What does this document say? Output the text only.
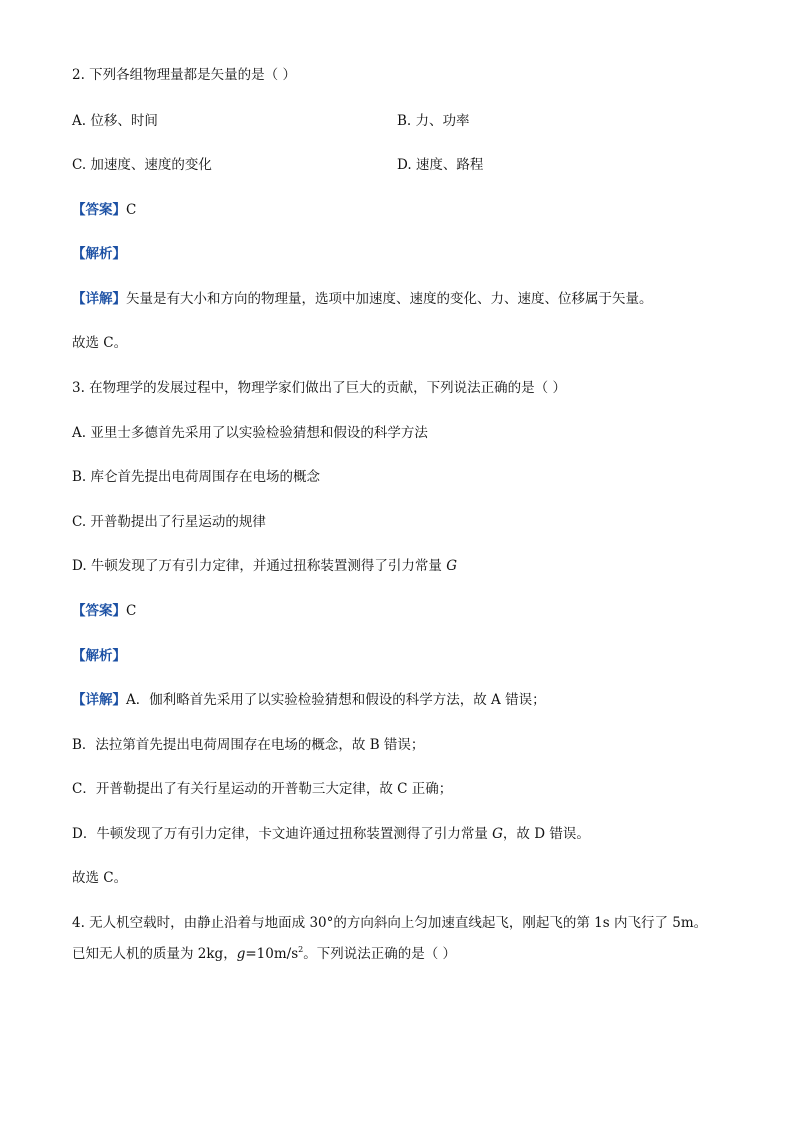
2. 下列各组物理量都是矢量的是（ ）
A. 位移、时间	B. 力、功率
C. 加速度、速度的变化	D. 速度、路程
【答案】C
【解析】
【详解】矢量是有大小和方向的物理量，选项中加速度、速度的变化、力、速度、位移属于矢量。
故选 C。
3. 在物理学的发展过程中，物理学家们做出了巨大的贡献，下列说法正确的是（ ）
A. 亚里士多德首先采用了以实验检验猜想和假设的科学方法
B. 库仑首先提出电荷周围存在电场的概念
C. 开普勒提出了行星运动的规律
D. 牛顿发现了万有引力定律，并通过扭称装置测得了引力常量 G
【答案】C
【解析】
【详解】A．伽利略首先采用了以实验检验猜想和假设的科学方法，故 A 错误；
B．法拉第首先提出电荷周围存在电场的概念，故 B 错误；
C．开普勒提出了有关行星运动的开普勒三大定律，故 C 正确；
D．牛顿发现了万有引力定律，卡文迪许通过扭称装置测得了引力常量 G，故 D 错误。
故选 C。
4. 无人机空载时，由静止沿着与地面成 30°的方向斜向上匀加速直线起飞，刚起飞的第 1s 内飞行了 5m。
已知无人机的质量为 2kg，$g=10m/s^2$。下列说法正确的是（ ）
